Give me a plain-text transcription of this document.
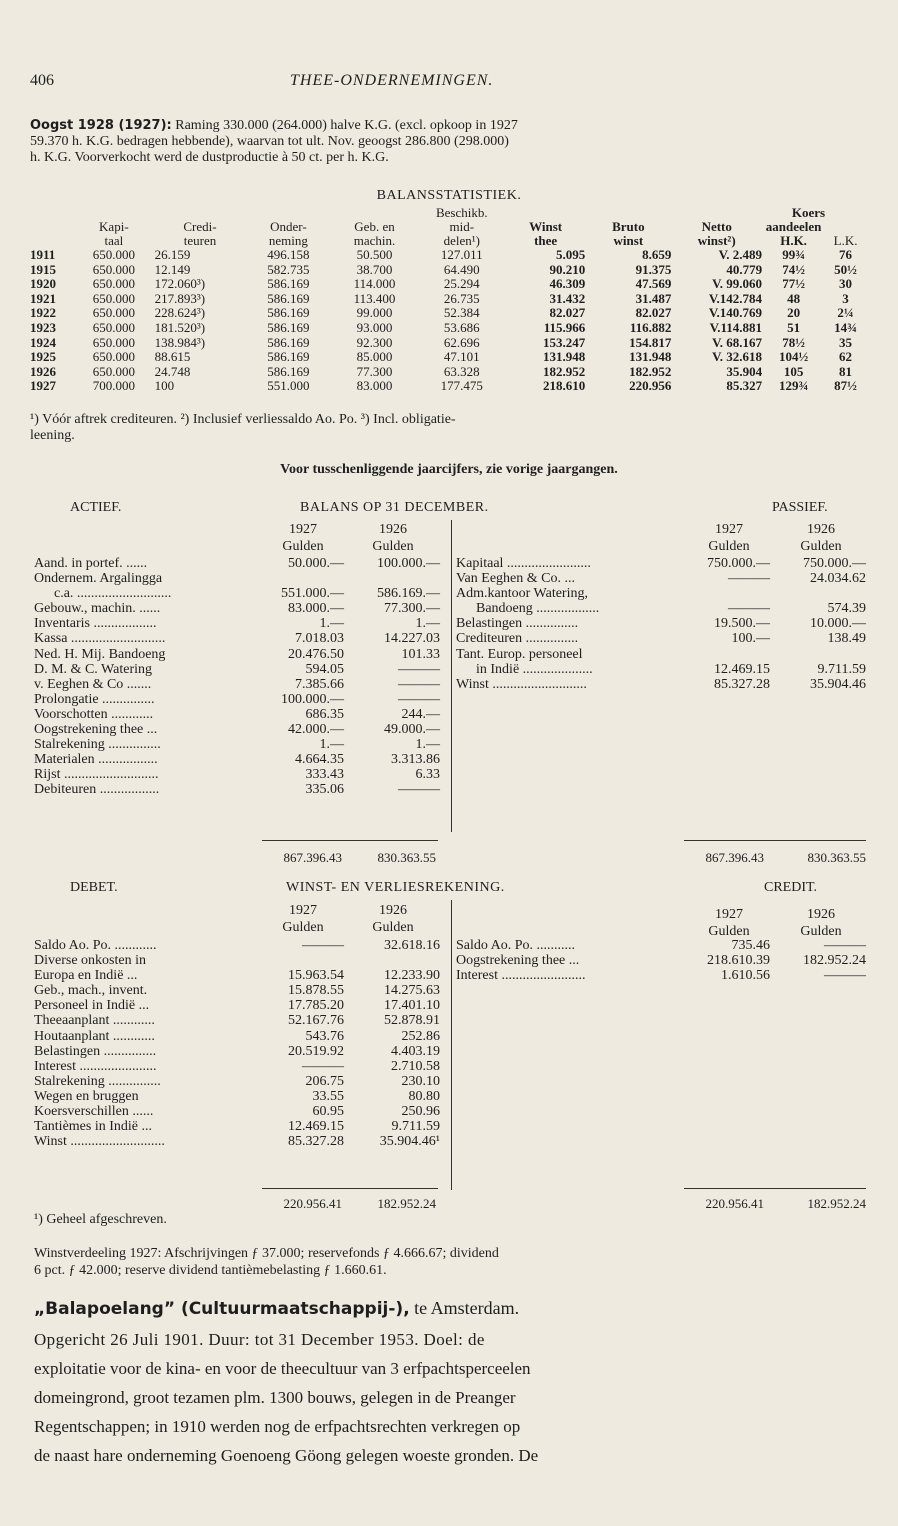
406	THEE-ONDERNEMINGEN.
Oogst 1928 (1927): Raming 330.000 (264.000) halve K.G. (excl. opkoop in 1927
59.370 h. K.G. bedragen hebbende), waarvan tot ult. Nov. geoogst 286.800 (298.000)
h. K.G. Voorverkocht werd de dustproductie à 50 ct. per h. K.G.
BALANSSTATISTIEK.
					Beschikb.				Koers	
	Kapi-	Credi-	Onder-	Geb. en	mid-	Winst	Bruto	Netto	aandeelen	
	taal	teuren	neming	machin.	delen¹)	thee	winst	winst²)	H.K.	L.K.
1911	650.000	26.159	496.158	50.500	127.011	5.095	8.659	V. 2.489	99¾	76
1915	650.000	12.149	582.735	38.700	64.490	90.210	91.375	40.779	74½	50½
1920	650.000	172.060³)	586.169	114.000	25.294	46.309	47.569	V. 99.060	77½	30
1921	650.000	217.893³)	586.169	113.400	26.735	31.432	31.487	V.142.784	48	3
1922	650.000	228.624³)	586.169	99.000	52.384	82.027	82.027	V.140.769	20	2¼
1923	650.000	181.520³)	586.169	93.000	53.686	115.966	116.882	V.114.881	51	14¾
1924	650.000	138.984³)	586.169	92.300	62.696	153.247	154.817	V. 68.167	78½	35
1925	650.000	88.615	586.169	85.000	47.101	131.948	131.948	V. 32.618	104½	62
1926	650.000	24.748	586.169	77.300	63.328	182.952	182.952	35.904	105	81
1927	700.000	100	551.000	83.000	177.475	218.610	220.956	85.327	129¾	87½
¹) Vóór aftrek crediteuren. ²) Inclusief verliessaldo Ao. Po. ³) Incl. obligatie-
leening.
Voor tusschenliggende jaarcijfers, zie vorige jaargangen.
ACTIEF.	BALANS OP 31 DECEMBER.	PASSIEF.
1927	1926
Gulden	Gulden
1927	1926
Gulden	Gulden
Aand. in portef. ......	50.000.—	100.000.—
Ondernem. Argalingga		
c.a. ...........................	551.000.—	586.169.—
Gebouw., machin. ......	83.000.—	77.300.—
Inventaris ..................	1.—	1.—
Kassa ...........................	7.018.03	14.227.03
Ned. H. Mij. Bandoeng	20.476.50	101.33
D. M. & C. Watering	594.05	———
v. Eeghen & Co .......	7.385.66	———
Prolongatie ...............	100.000.—	———
Voorschotten ............	686.35	244.—
Oogstrekening thee ...	42.000.—	49.000.—
Stalrekening ...............	1.—	1.—
Materialen .................	4.664.35	3.313.86
Rijst ...........................	333.43	6.33
Debiteuren .................	335.06	———
Kapitaal ........................	750.000.—	750.000.—
Van Eeghen & Co. ...	———	24.034.62
Adm.kantoor Watering,		
Bandoeng ..................	———	574.39
Belastingen ...............	19.500.—	10.000.—
Crediteuren ...............	100.—	138.49
Tant. Europ. personeel		
in Indië ....................	12.469.15	9.711.59
Winst ...........................	85.327.28	35.904.46
867.396.43	830.363.55	867.396.43	830.363.55
DEBET.	WINST- EN VERLIESREKENING.	CREDIT.
1927	1926
Gulden	Gulden
1927	1926
Gulden	Gulden
Saldo Ao. Po. ............	———	32.618.16
Diverse onkosten in		
Europa en Indië ...	15.963.54	12.233.90
Geb., mach., invent.	15.878.55	14.275.63
Personeel in Indië ...	17.785.20	17.401.10
Theeaanplant ............	52.167.76	52.878.91
Houtaanplant ............	543.76	252.86
Belastingen ...............	20.519.92	4.403.19
Interest ......................	———	2.710.58
Stalrekening ...............	206.75	230.10
Wegen en bruggen	33.55	80.80
Koersverschillen ......	60.95	250.96
Tantièmes in Indië ...	12.469.15	9.711.59
Winst ...........................	85.327.28	35.904.46¹
Saldo Ao. Po. ...........	735.46	———
Oogstrekening thee ...	218.610.39	182.952.24
Interest ........................	1.610.56	———
220.956.41	182.952.24	220.956.41	182.952.24
¹) Geheel afgeschreven.
Winstverdeeling 1927: Afschrijvingen ƒ 37.000; reservefonds ƒ 4.666.67; dividend
6 pct. ƒ 42.000; reserve dividend tantièmebelasting ƒ 1.660.61.
„Balapoelang” (Cultuurmaatschappij-), te Amsterdam.
Opgericht 26 Juli 1901. Duur: tot 31 December 1953. Doel: de
exploitatie voor de kina- en voor de theecultuur van 3 erfpachtsperceelen
domeingrond, groot tezamen plm. 1300 bouws, gelegen in de Preanger
Regentschappen; in 1910 werden nog de erfpachtsrechten verkregen op
de naast hare onderneming Goenoeng Göong gelegen woeste gronden. De
